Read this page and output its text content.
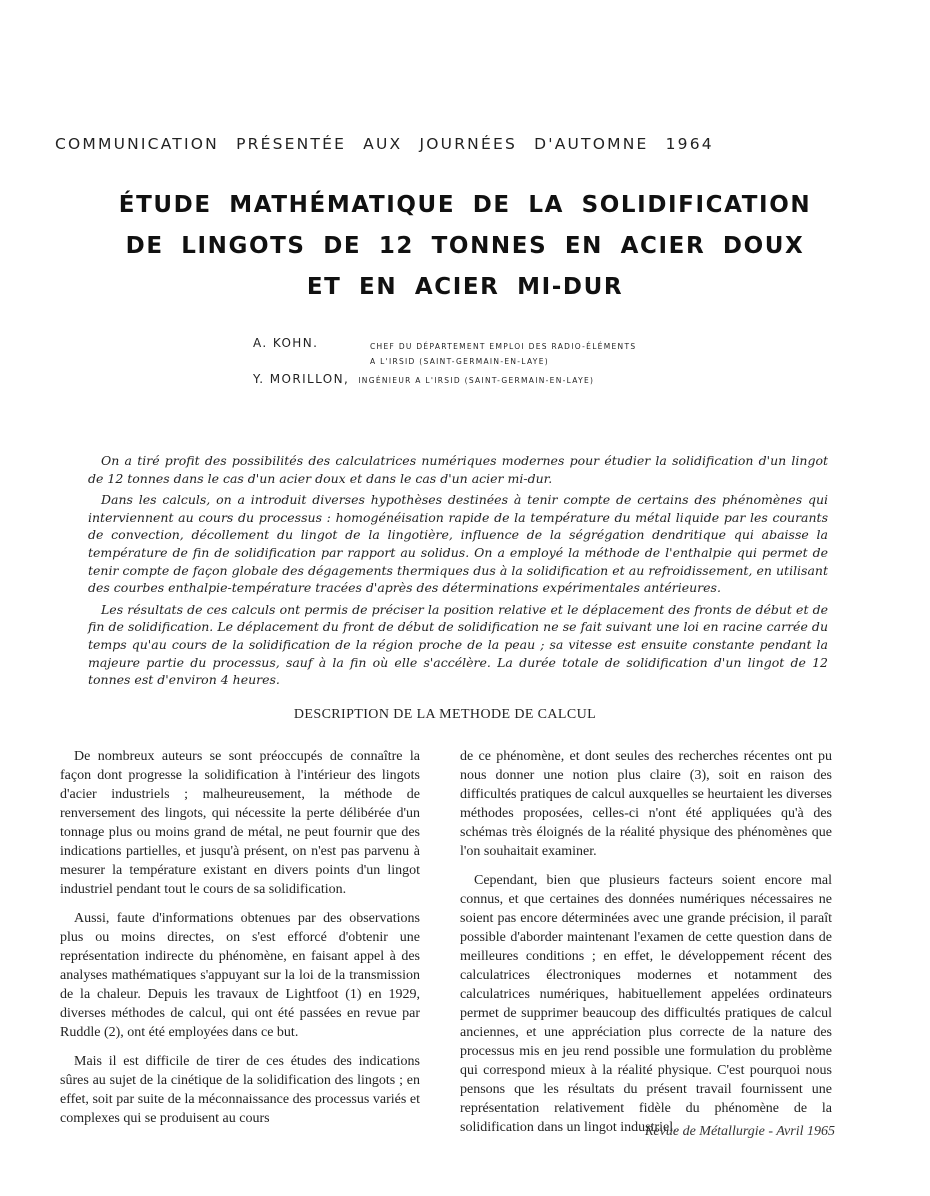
COMMUNICATION PRÉSENTÉE AUX JOURNÉES D'AUTOMNE 1964
ÉTUDE MATHÉMATIQUE DE LA SOLIDIFICATION
DE LINGOTS DE 12 TONNES EN ACIER DOUX
ET EN ACIER MI-DUR
A. KOHN.	CHEF DU DÉPARTEMENT EMPLOI DES RADIO-ÉLÉMENTS
A L'IRSID (SAINT-GERMAIN-EN-LAYE)
Y. MORILLON, INGÉNIEUR A L'IRSID (SAINT-GERMAIN-EN-LAYE)

On a tiré profit des possibilités des calculatrices numériques modernes pour étudier la solidification d'un lingot de 12 tonnes dans le cas d'un acier doux et dans le cas d'un acier mi-dur.

Dans les calculs, on a introduit diverses hypothèses destinées à tenir compte de certains des phénomènes qui interviennent au cours du processus : homogénéisation rapide de la température du métal liquide par les courants de convection, décollement du lingot de la lingotière, influence de la ségrégation dendritique qui abaisse la température de fin de solidification par rapport au solidus. On a employé la méthode de l'enthalpie qui permet de tenir compte de façon globale des dégagements thermiques dus à la solidification et au refroidissement, en utilisant des courbes enthalpie-température tracées d'après des déterminations expérimentales antérieures.

Les résultats de ces calculs ont permis de préciser la position relative et le déplacement des fronts de début et de fin de solidification. Le déplacement du front de début de solidification ne se fait suivant une loi en racine carrée du temps qu'au cours de la solidification de la région proche de la peau ; sa vitesse est ensuite constante pendant la majeure partie du processus, sauf à la fin où elle s'accélère. La durée totale de solidification d'un lingot de 12 tonnes est d'environ 4 heures.

DESCRIPTION DE LA METHODE DE CALCUL

De nombreux auteurs se sont préoccupés de connaître la façon dont progresse la solidification à l'intérieur des lingots d'acier industriels ; malheureusement, la méthode de renversement des lingots, qui nécessite la perte délibérée d'un tonnage plus ou moins grand de métal, ne peut fournir que des indications partielles, et jusqu'à présent, on n'est pas parvenu à mesurer la température existant en divers points d'un lingot industriel pendant tout le cours de sa solidification.

Aussi, faute d'informations obtenues par des observations plus ou moins directes, on s'est efforcé d'obtenir une représentation indirecte du phénomène, en faisant appel à des analyses mathématiques s'appuyant sur la loi de la transmission de la chaleur. Depuis les travaux de Lightfoot (1) en 1929, diverses méthodes de calcul, qui ont été passées en revue par Ruddle (2), ont été employées dans ce but.

Mais il est difficile de tirer de ces études des indications sûres au sujet de la cinétique de la solidification des lingots ; en effet, soit par suite de la méconnaissance des processus variés et complexes qui se produisent au cours

de ce phénomène, et dont seules des recherches récentes ont pu nous donner une notion plus claire (3), soit en raison des difficultés pratiques de calcul auxquelles se heurtaient les diverses méthodes proposées, celles-ci n'ont été appliquées qu'à des schémas très éloignés de la réalité physique des phénomènes que l'on souhaitait examiner.

Cependant, bien que plusieurs facteurs soient encore mal connus, et que certaines des données numériques nécessaires ne soient pas encore déterminées avec une grande précision, il paraît possible d'aborder maintenant l'examen de cette question dans de meilleures conditions ; en effet, le développement récent des calculatrices électroniques modernes et notamment des calculatrices numériques, habituellement appelées ordinateurs permet de supprimer beaucoup des difficultés pratiques de calcul anciennes, et une appréciation plus correcte de la nature des processus mis en jeu rend possible une formulation du problème qui correspond mieux à la réalité physique. C'est pourquoi nous pensons que les résultats du présent travail fournissent une représentation relativement fidèle du phénomène de la solidification dans un lingot industriel.

Revue de Métallurgie - Avril 1965
